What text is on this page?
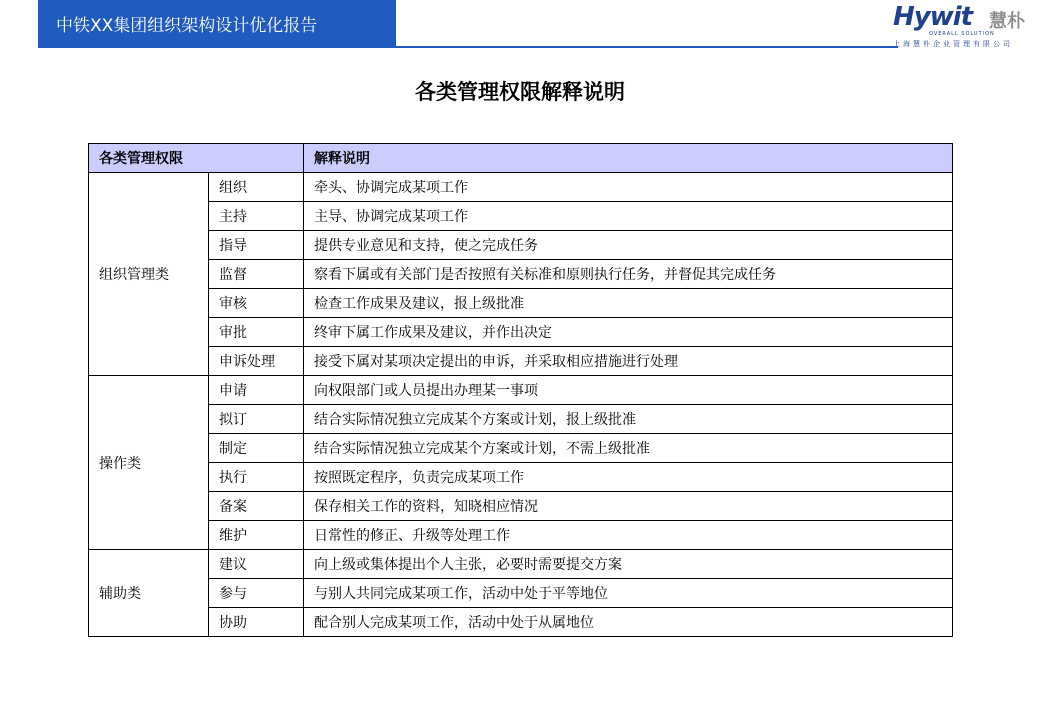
中铁XX集团组织架构设计优化报告	Hywit 慧朴
OVERALL SOLUTION
上海慧朴企业管理有限公司
各类管理权限解释说明
各类管理权限		解释说明
组织管理类	组织	牵头、协调完成某项工作
	主持	主导、协调完成某项工作
	指导	提供专业意见和支持，使之完成任务
	监督	察看下属或有关部门是否按照有关标准和原则执行任务，并督促其完成任务
	审核	检查工作成果及建议，报上级批准
	审批	终审下属工作成果及建议，并作出决定
	申诉处理	接受下属对某项决定提出的申诉，并采取相应措施进行处理
操作类	申请	向权限部门或人员提出办理某一事项
	拟订	结合实际情况独立完成某个方案或计划，报上级批准
	制定	结合实际情况独立完成某个方案或计划，不需上级批准
	执行	按照既定程序，负责完成某项工作
	备案	保存相关工作的资料，知晓相应情况
	维护	日常性的修正、升级等处理工作
辅助类	建议	向上级或集体提出个人主张，必要时需要提交方案
	参与	与别人共同完成某项工作，活动中处于平等地位
	协助	配合别人完成某项工作，活动中处于从属地位
